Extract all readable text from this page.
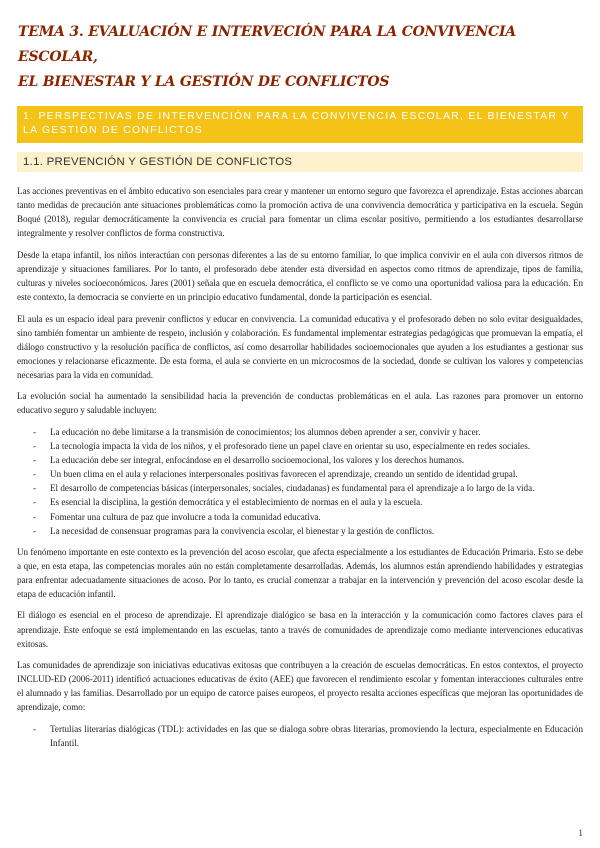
TEMA 3. EVALUACIÓN E INTERVECIÓN PARA LA CONVIVENCIA ESCOLAR,
EL BIENESTAR Y LA GESTIÓN DE CONFLICTOS
1. PERSPECTIVAS DE INTERVENCIÓN PARA LA CONVIVENCIA ESCOLAR, EL BIENESTAR Y LA GESTIÓN DE CONFLICTOS
1.1. PREVENCIÓN Y GESTIÓN DE CONFLICTOS

Las acciones preventivas en el ámbito educativo son esenciales para crear y mantener un entorno seguro que favorezca el aprendizaje. Estas acciones abarcan tanto medidas de precaución ante situaciones problemáticas como la promoción activa de una convivencia democrática y participativa en la escuela. Según Boqué (2018), regular democráticamente la convivencia es crucial para fomentar un clima escolar positivo, permitiendo a los estudiantes desarrollarse integralmente y resolver conflictos de forma constructiva.

Desde la etapa infantil, los niños interactúan con personas diferentes a las de su entorno familiar, lo que implica convivir en el aula con diversos ritmos de aprendizaje y situaciones familiares. Por lo tanto, el profesorado debe atender esta diversidad en aspectos como ritmos de aprendizaje, tipos de familia, culturas y niveles socioeconómicos. Jares (2001) señala que en escuela democrática, el conflicto se ve como una oportunidad valiosa para la educación. En este contexto, la democracia se convierte en un principio educativo fundamental, donde la participación es esencial.

El aula es un espacio ideal para prevenir conflictos y educar en convivencia. La comunidad educativa y el profesorado deben no solo evitar desigualdades, sino también fomentar un ambiente de respeto, inclusión y colaboración. Es fundamental implementar estrategias pedagógicas que promuevan la empatía, el diálogo constructivo y la resolución pacífica de conflictos, así como desarrollar habilidades socioemocionales que ayuden a los estudiantes a gestionar sus emociones y relacionarse eficazmente. De esta forma, el aula se convierte en un microcosmos de la sociedad, donde se cultivan los valores y competencias necesarias para la vida en comunidad.

La evolución social ha aumentado la sensibilidad hacia la prevención de conductas problemáticas en el aula. Las razones para promover un entorno educativo seguro y saludable incluyen:

- La educación no debe limitarse a la transmisión de conocimientos; los alumnos deben aprender a ser, convivir y hacer.
- La tecnología impacta la vida de los niños, y el profesorado tiene un papel clave en orientar su uso, especialmente en redes sociales.
- La educación debe ser integral, enfocándose en el desarrollo socioemocional, los valores y los derechos humanos.
- Un buen clima en el aula y relaciones interpersonales positivas favorecen el aprendizaje, creando un sentido de identidad grupal.
- El desarrollo de competencias básicas (interpersonales, sociales, ciudadanas) es fundamental para el aprendizaje a lo largo de la vida.
- Es esencial la disciplina, la gestión democrática y el establecimiento de normas en el aula y la escuela.
- Fomentar una cultura de paz que involucre a toda la comunidad educativa.
- La necesidad de consensuar programas para la convivencia escolar, el bienestar y la gestión de conflictos.

Un fenómeno importante en este contexto es la prevención del acoso escolar, que afecta especialmente a los estudiantes de Educación Primaria. Esto se debe a que, en esta etapa, las competencias morales aún no están completamente desarrolladas. Además, los alumnos están aprendiendo habilidades y estrategias para enfrentar adecuadamente situaciones de acoso. Por lo tanto, es crucial comenzar a trabajar en la intervención y prevención del acoso escolar desde la etapa de educación infantil.

El diálogo es esencial en el proceso de aprendizaje. El aprendizaje dialógico se basa en la interacción y la comunicación como factores claves para el aprendizaje. Este enfoque se está implementando en las escuelas, tanto a través de comunidades de aprendizaje como mediante intervenciones educativas exitosas.

Las comunidades de aprendizaje son iniciativas educativas exitosas que contribuyen a la creación de escuelas democráticas. En estos contextos, el proyecto INCLUD-ED (2006-2011) identificó actuaciones educativas de éxito (AEE) que favorecen el rendimiento escolar y fomentan interacciones culturales entre el alumnado y las familias. Desarrollado por un equipo de catorce países europeos, el proyecto resalta acciones específicas que mejoran las oportunidades de aprendizaje, como:

- Tertulias literarias dialógicas (TDL): actividades en las que se dialoga sobre obras literarias, promoviendo la lectura, especialmente en Educación Infantil.
1
